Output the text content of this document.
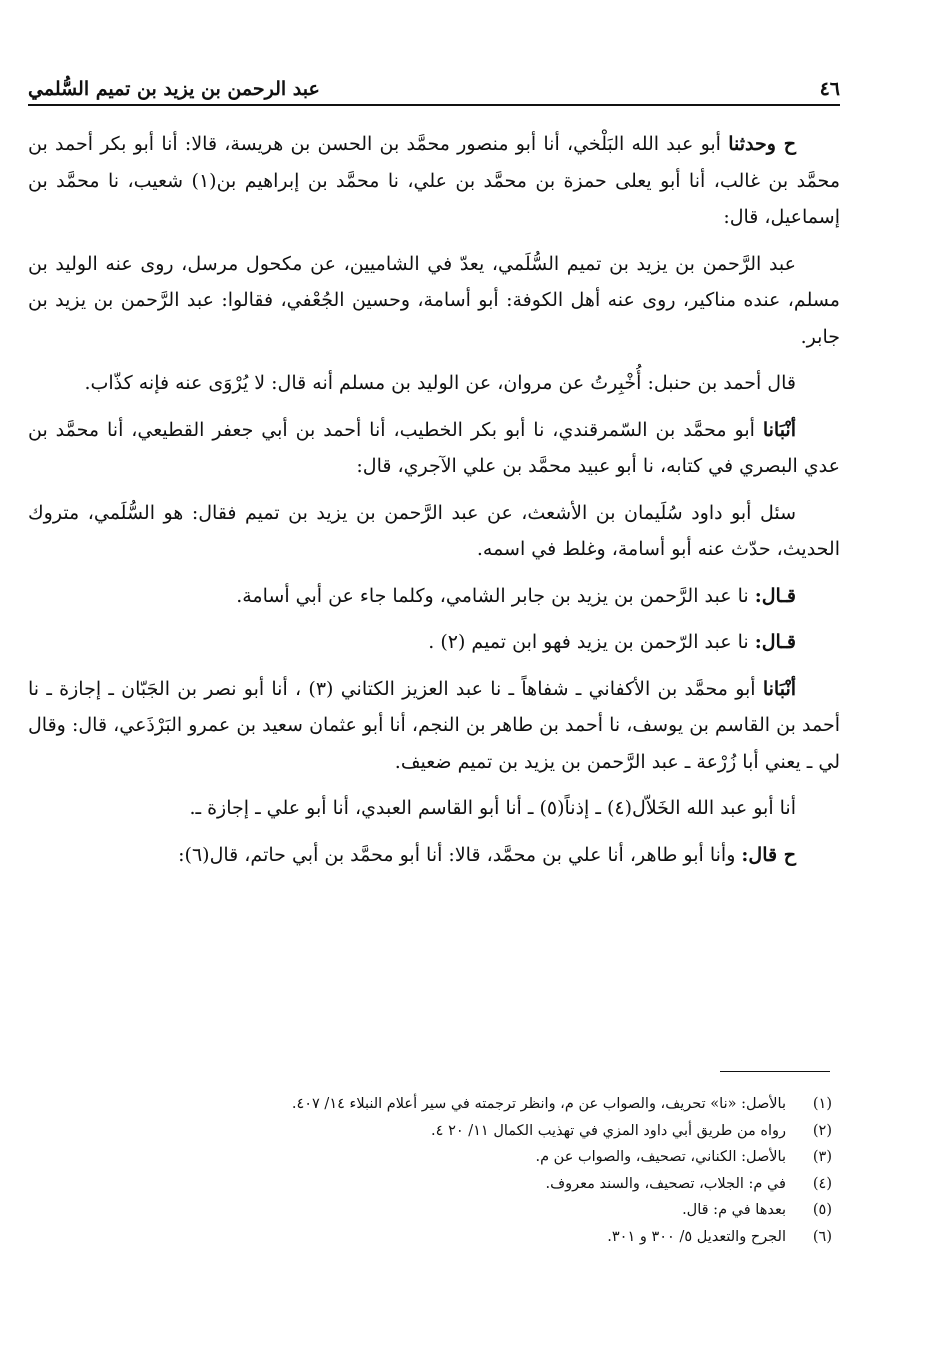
٤٦
عبد الرحمن بن يزيد بن تميم السُّلمي

ح وحدثنا أبو عبد الله البَلْخي، أنا أبو منصور محمَّد بن الحسن بن هريسة، قالا: أنا أبو بكر أحمد بن محمَّد بن غالب، أنا أبو يعلى حمزة بن محمَّد بن علي، نا محمَّد بن إبراهيم بن(١) شعيب، نا محمَّد بن إسماعيل، قال:

عبد الرَّحمن بن يزيد بن تميم السُّلَمي، يعدّ في الشاميين، عن مكحول مرسل، روى عنه الوليد بن مسلم، عنده مناكير، روى عنه أهل الكوفة: أبو أسامة، وحسين الجُعْفي، فقالوا: عبد الرَّحمن بن يزيد بن جابر.

قال أحمد بن حنبل: أُخْبِرتُ عن مروان، عن الوليد بن مسلم أنه قال: لا يُرْوَى عنه فإنه كذّاب.

أنْبَانا أبو محمَّد بن السّمرقندي، نا أبو بكر الخطيب، أنا أحمد بن أبي جعفر القطيعي، أنا محمَّد بن عدي البصري في كتابه، نا أبو عبيد محمَّد بن علي الآجري، قال:

سئل أبو داود سُلَيمان بن الأشعث، عن عبد الرَّحمن بن يزيد بن تميم فقال: هو السُّلَمي، متروك الحديث، حدّث عنه أبو أسامة، وغلط في اسمه.

قـال: نا عبد الرَّحمن بن يزيد بن جابر الشامي، وكلما جاء عن أبي أسامة.

قـال: نا عبد الرّحمن بن يزيد فهو ابن تميم (٢) .

أنْبَانا أبو محمَّد بن الأكفاني ـ شفاهاً ـ نا عبد العزيز الكتاني (٣) ، أنا أبو نصر بن الجَبّان ـ إجازة ـ نا أحمد بن القاسم بن يوسف، نا أحمد بن طاهر بن النجم، أنا أبو عثمان سعيد بن عمرو البَرْذَعي، قال: وقال لي ـ يعني أبا زُرْعة ـ عبد الرَّحمن بن يزيد بن تميم ضعيف.

أنا أبو عبد الله الخَلاّل(٤) ـ إذناً(٥) ـ أنا أبو القاسم العبدي، أنا أبو علي ـ إجازة ـ.

ح قال: وأنا أبو طاهر، أنا علي بن محمَّد، قالا: أنا أبو محمَّد بن أبي حاتم، قال(٦):

(١)
بالأصل: «نا» تحريف، والصواب عن م، وانظر ترجمته في سير أعلام النبلاء ١٤/ ٤٠٧.
(٢)
رواه من طريق أبي داود المزي في تهذيب الكمال ١١/ ٢٠ ٤.
(٣)
بالأصل: الكناني، تصحيف، والصواب عن م.
(٤)
في م: الجلاب، تصحيف، والسند معروف.
(٥)
بعدها في م: قال.
(٦)
الجرح والتعديل ٥/ ٣٠٠ و ٣٠١.
